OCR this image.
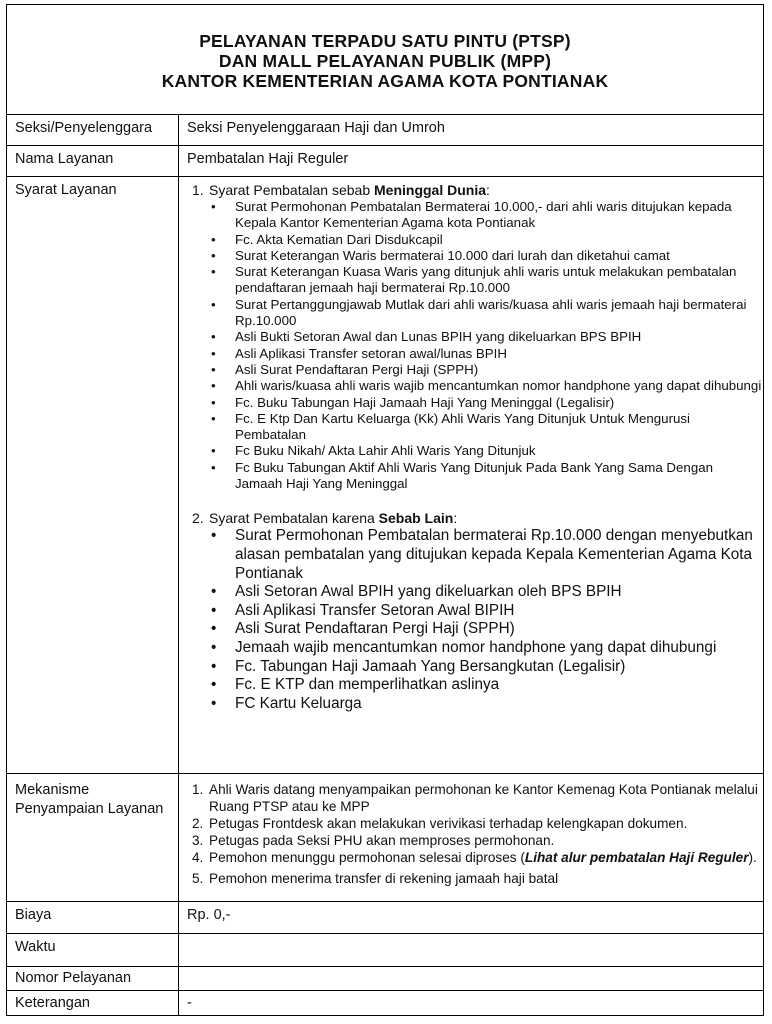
PELAYANAN TERPADU SATU PINTU (PTSP)
DAN MALL PELAYANAN PUBLIK (MPP)
KANTOR KEMENTERIAN AGAMA KOTA PONTIANAK
Seksi/Penyelenggara	Seksi Penyelenggaraan Haji dan Umroh
Nama Layanan	Pembatalan Haji Reguler
Syarat Layanan	1. Syarat Pembatalan sebab Meninggal Dunia:
• Surat Permohonan Pembatalan Bermaterai 10.000,- dari ahli waris ditujukan kepada Kepala Kantor Kementerian Agama kota Pontianak
• Fc. Akta Kematian Dari Disdukcapil
• Surat Keterangan Waris bermaterai 10.000 dari lurah dan diketahui camat
• Surat Keterangan Kuasa Waris yang ditunjuk ahli waris untuk melakukan pembatalan pendaftaran jemaah haji bermaterai Rp.10.000
• Surat Pertanggungjawab Mutlak dari ahli waris/kuasa ahli waris jemaah haji bermaterai Rp.10.000
• Asli Bukti Setoran Awal dan Lunas BPIH yang dikeluarkan BPS BPIH
• Asli Aplikasi Transfer setoran awal/lunas BPIH
• Asli Surat Pendaftaran Pergi Haji (SPPH)
• Ahli waris/kuasa ahli waris wajib mencantumkan nomor handphone yang dapat dihubungi
• Fc. Buku Tabungan Haji Jamaah Haji Yang Meninggal (Legalisir)
• Fc. E Ktp Dan Kartu Keluarga (Kk) Ahli Waris Yang Ditunjuk Untuk Mengurusi Pembatalan
• Fc Buku Nikah/ Akta Lahir Ahli Waris Yang Ditunjuk
• Fc Buku Tabungan Aktif Ahli Waris Yang Ditunjuk Pada Bank Yang Sama Dengan Jamaah Haji Yang Meninggal
2. Syarat Pembatalan karena Sebab Lain:
• Surat Permohonan Pembatalan bermaterai Rp.10.000 dengan menyebutkan alasan pembatalan yang ditujukan kepada Kepala Kementerian Agama Kota Pontianak
• Asli Setoran Awal BPIH yang dikeluarkan oleh BPS BPIH
• Asli Aplikasi Transfer Setoran Awal BIPIH
• Asli Surat Pendaftaran Pergi Haji (SPPH)
• Jemaah wajib mencantumkan nomor handphone yang dapat dihubungi
• Fc. Tabungan Haji Jamaah Yang Bersangkutan (Legalisir)
• Fc. E KTP dan memperlihatkan aslinya
• FC Kartu Keluarga
Mekanisme Penyampaian Layanan
1. Ahli Waris datang menyampaikan permohonan ke Kantor Kemenag Kota Pontianak melalui Ruang PTSP atau ke MPP
2. Petugas Frontdesk akan melakukan verivikasi terhadap kelengkapan dokumen.
3. Petugas pada Seksi PHU akan memproses permohonan.
4. Pemohon menunggu permohonan selesai diproses (Lihat alur pembatalan Haji Reguler).
5. Pemohon menerima transfer di rekening jamaah haji batal
Biaya	Rp. 0,-
Waktu
Nomor Pelayanan
Keterangan	-
